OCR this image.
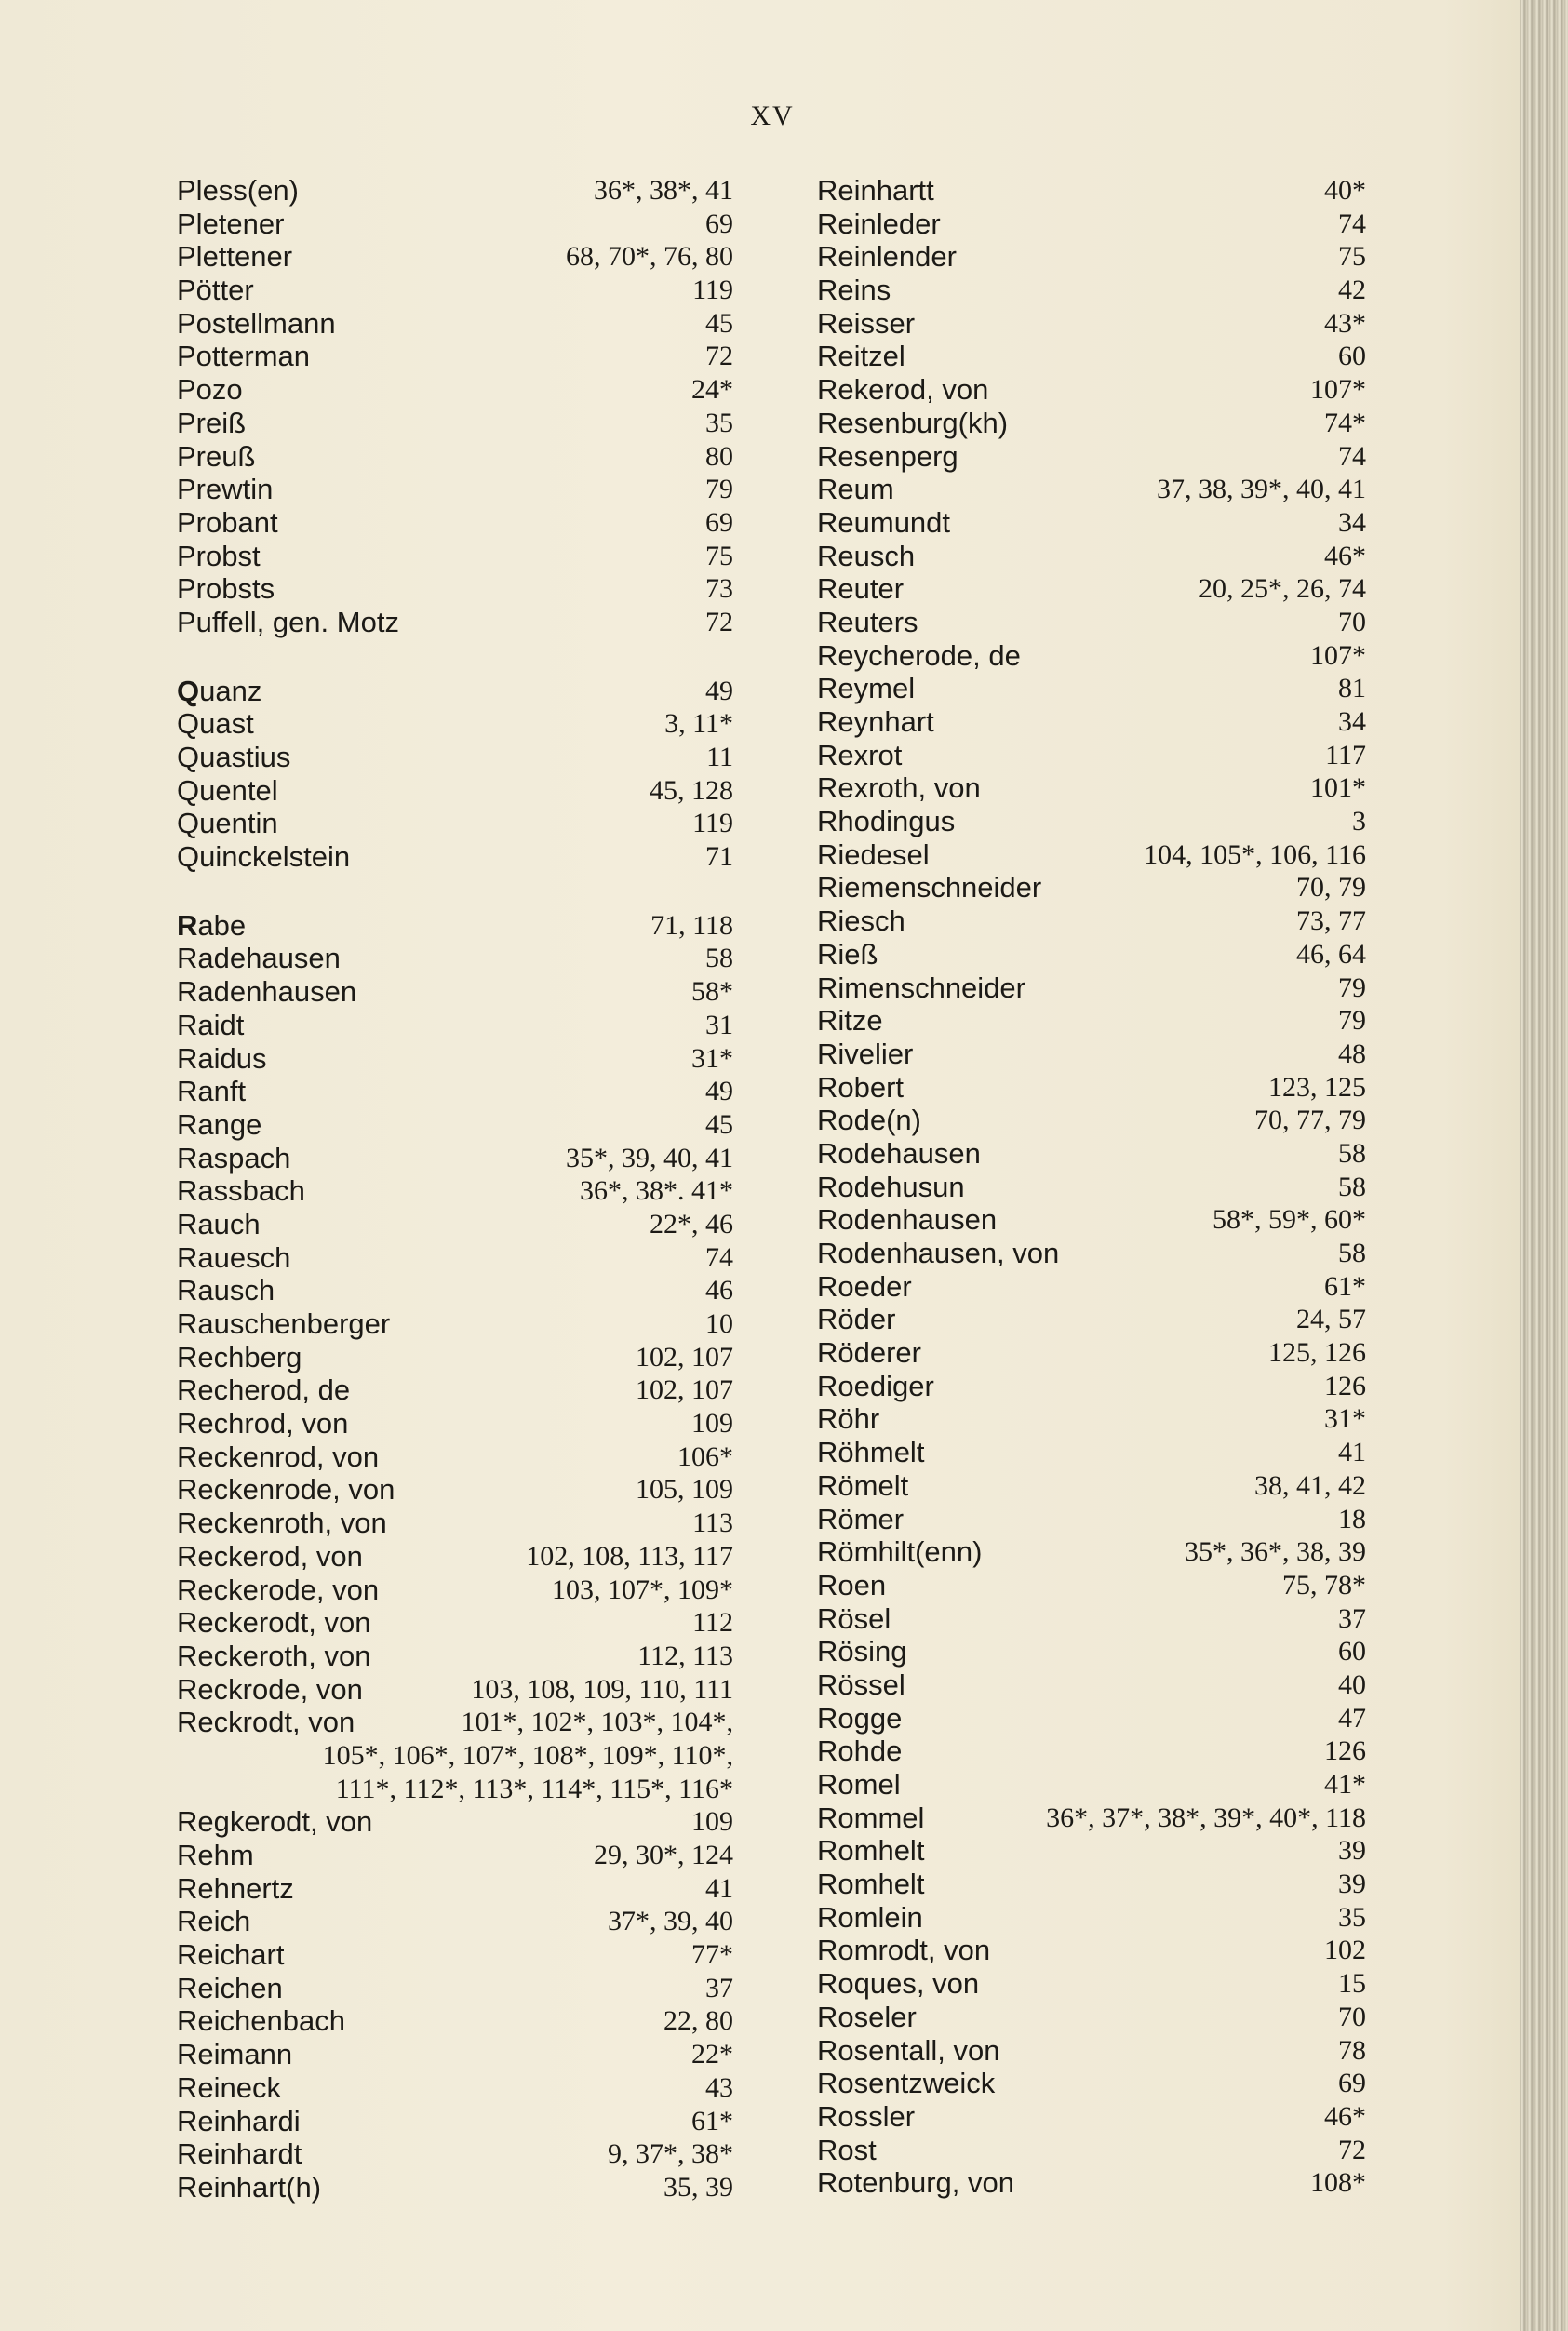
XV
Pless(en)	36*, 38*, 41
Pletener	69
Plettener	68, 70*, 76, 80
Pötter	119
Postellmann	45
Potterman	72
Pozo	24*
Preiß	35
Preuß	80
Prewtin	79
Probant	69
Probst	75
Probsts	73
Puffell, gen. Motz	72
Quanz	49
Quast	3, 11*
Quastius	11
Quentel	45, 128
Quentin	119
Quinckelstein	71
Rabe	71, 118
Radehausen	58
Radenhausen	58*
Raidt	31
Raidus	31*
Ranft	49
Range	45
Raspach	35*, 39, 40, 41
Rassbach	36*, 38*. 41*
Rauch	22*, 46
Rauesch	74
Rausch	46
Rauschenberger	10
Rechberg	102, 107
Recherod, de	102, 107
Rechrod, von	109
Reckenrod, von	106*
Reckenrode, von	105, 109
Reckenroth, von	113
Reckerod, von	102, 108, 113, 117
Reckerode, von	103, 107*, 109*
Reckerodt, von	112
Reckeroth, von	112, 113
Reckrode, von	103, 108, 109, 110, 111
Reckrodt, von	101*, 102*, 103*, 104*,
105*, 106*, 107*, 108*, 109*, 110*,
111*, 112*, 113*, 114*, 115*, 116*
Regkerodt, von	109
Rehm	29, 30*, 124
Rehnertz	41
Reich	37*, 39, 40
Reichart	77*
Reichen	37
Reichenbach	22, 80
Reimann	22*
Reineck	43
Reinhardi	61*
Reinhardt	9, 37*, 38*
Reinhart(h)	35, 39
Reinhartt	40*
Reinleder	74
Reinlender	75
Reins	42
Reisser	43*
Reitzel	60
Rekerod, von	107*
Resenburg(kh)	74*
Resenperg	74
Reum	37, 38, 39*, 40, 41
Reumundt	34
Reusch	46*
Reuter	20, 25*, 26, 74
Reuters	70
Reycherode, de	107*
Reymel	81
Reynhart	34
Rexrot	117
Rexroth, von	101*
Rhodingus	3
Riedesel	104, 105*, 106, 116
Riemenschneider	70, 79
Riesch	73, 77
Rieß	46, 64
Rimenschneider	79
Ritze	79
Rivelier	48
Robert	123, 125
Rode(n)	70, 77, 79
Rodehausen	58
Rodehusun	58
Rodenhausen	58*, 59*, 60*
Rodenhausen, von	58
Roeder	61*
Röder	24, 57
Röderer	125, 126
Roediger	126
Röhr	31*
Röhmelt	41
Römelt	38, 41, 42
Römer	18
Römhilt(enn)	35*, 36*, 38, 39
Roen	75, 78*
Rösel	37
Rösing	60
Rössel	40
Rogge	47
Rohde	126
Romel	41*
Rommel	36*, 37*, 38*, 39*, 40*, 118
Romhelt	39
Romhelt	39
Romlein	35
Romrodt, von	102
Roques, von	15
Roseler	70
Rosentall, von	78
Rosentzweick	69
Rossler	46*
Rost	72
Rotenburg, von	108*
